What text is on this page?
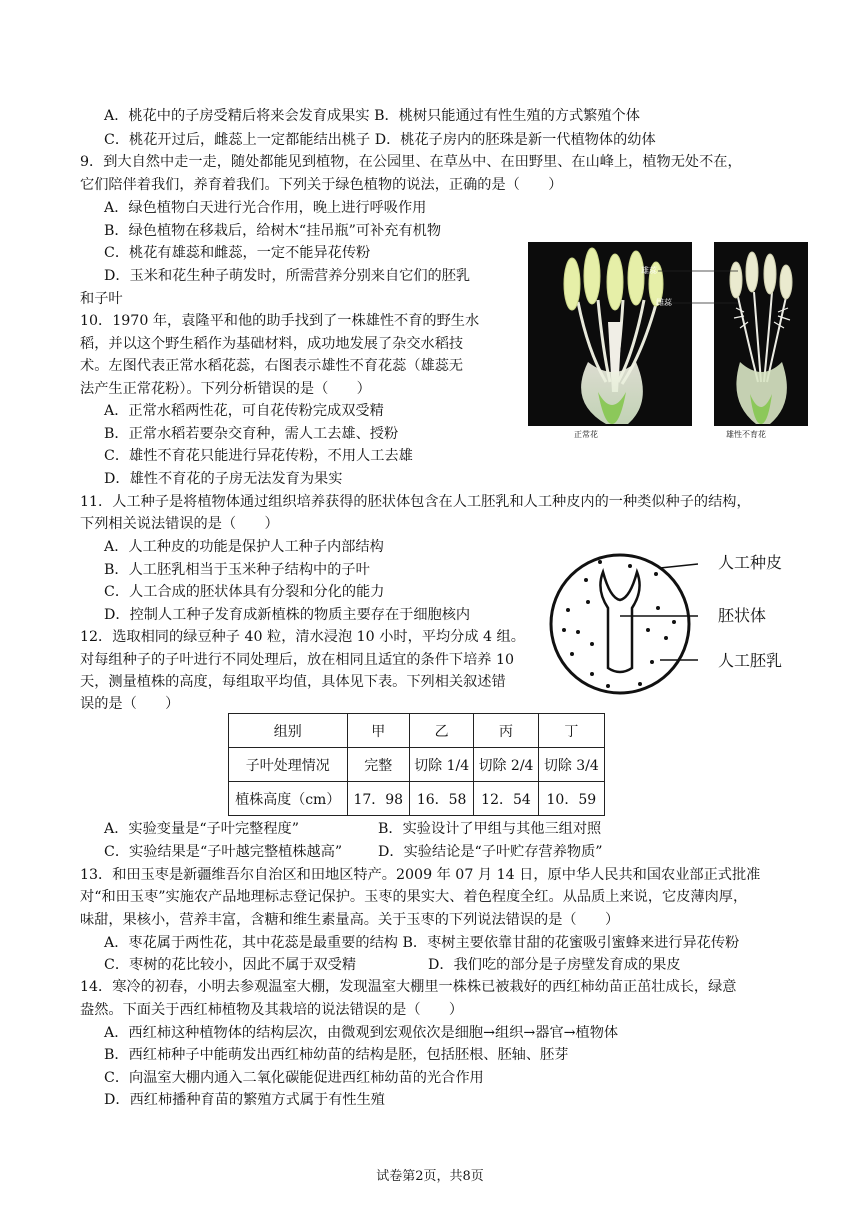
A．桃花中的子房受精后将来会发育成果实 B．桃树只能通过有性生殖的方式繁殖个体
C．桃花开过后，雌蕊上一定都能结出桃子 D．桃花子房内的胚珠是新一代植物体的幼体
9．到大自然中走一走，随处都能见到植物，在公园里、在草丛中、在田野里、在山峰上，植物无处不在，
它们陪伴着我们，养育着我们。下列关于绿色植物的说法，正确的是（　　）
A．绿色植物白天进行光合作用，晚上进行呼吸作用
B．绿色植物在移栽后，给树木“挂吊瓶”可补充有机物
C．桃花有雄蕊和雌蕊，一定不能异花传粉
D．玉米和花生种子萌发时，所需营养分别来自它们的胚乳
和子叶
正常花	雄性不育花
雄蕊
雌蕊
10．1970 年，袁隆平和他的助手找到了一株雄性不育的野生水
稻，并以这个野生稻作为基础材料，成功地发展了杂交水稻技
术。左图代表正常水稻花蕊，右图表示雄性不育花蕊（雄蕊无
法产生正常花粉）。下列分析错误的是（　　）
A．正常水稻两性花，可自花传粉完成双受精
B．正常水稻若要杂交育种，需人工去雄、授粉
C．雄性不育花只能进行异花传粉，不用人工去雄
D．雄性不育花的子房无法发育为果实
11．人工种子是将植物体通过组织培养获得的胚状体包含在人工胚乳和人工种皮内的一种类似种子的结构，
下列相关说法错误的是（　　）
A．人工种皮的功能是保护人工种子内部结构
B．人工胚乳相当于玉米种子结构中的子叶
C．人工合成的胚状体具有分裂和分化的能力
D．控制人工种子发育成新植株的物质主要存在于细胞核内
人工种皮
胚状体
人工胚乳
12．选取相同的绿豆种子 40 粒，清水浸泡 10 小时，平均分成 4 组。
对每组种子的子叶进行不同处理后，放在相同且适宜的条件下培养 10
天，测量植株的高度，每组取平均值，具体见下表。下列相关叙述错
误的是（　　）
组别	甲	乙	丙	丁
子叶处理情况	完整	切除 1/4	切除 2/4	切除 3/4
植株高度（cm）	17．98	16．58	12．54	10．59
A．实验变量是“子叶完整程度”	B．实验设计了甲组与其他三组对照
C．实验结果是“子叶越完整植株越高”	D．实验结论是“子叶贮存营养物质”
13．和田玉枣是新疆维吾尔自治区和田地区特产。2009 年 07 月 14 日，原中华人民共和国农业部正式批准
对“和田玉枣”实施农产品地理标志登记保护。玉枣的果实大、着色程度全红。从品质上来说，它皮薄肉厚，
味甜，果核小，营养丰富，含糖和维生素量高。关于玉枣的下列说法错误的是（　　）
A．枣花属于两性花，其中花蕊是最重要的结构 B．枣树主要依靠甘甜的花蜜吸引蜜蜂来进行异花传粉
C．枣树的花比较小，因此不属于双受精	D．我们吃的部分是子房壁发育成的果皮
14．寒冷的初春，小明去参观温室大棚，发现温室大棚里一株株已被栽好的西红柿幼苗正茁壮成长，绿意
盎然。下面关于西红柿植物及其栽培的说法错误的是（　　）
A．西红柿这种植物体的结构层次，由微观到宏观依次是细胞→组织→器官→植物体
B．西红柿种子中能萌发出西红柿幼苗的结构是胚，包括胚根、胚轴、胚芽
C．向温室大棚内通入二氧化碳能促进西红柿幼苗的光合作用
D．西红柿播种育苗的繁殖方式属于有性生殖
试卷第2页，共8页
